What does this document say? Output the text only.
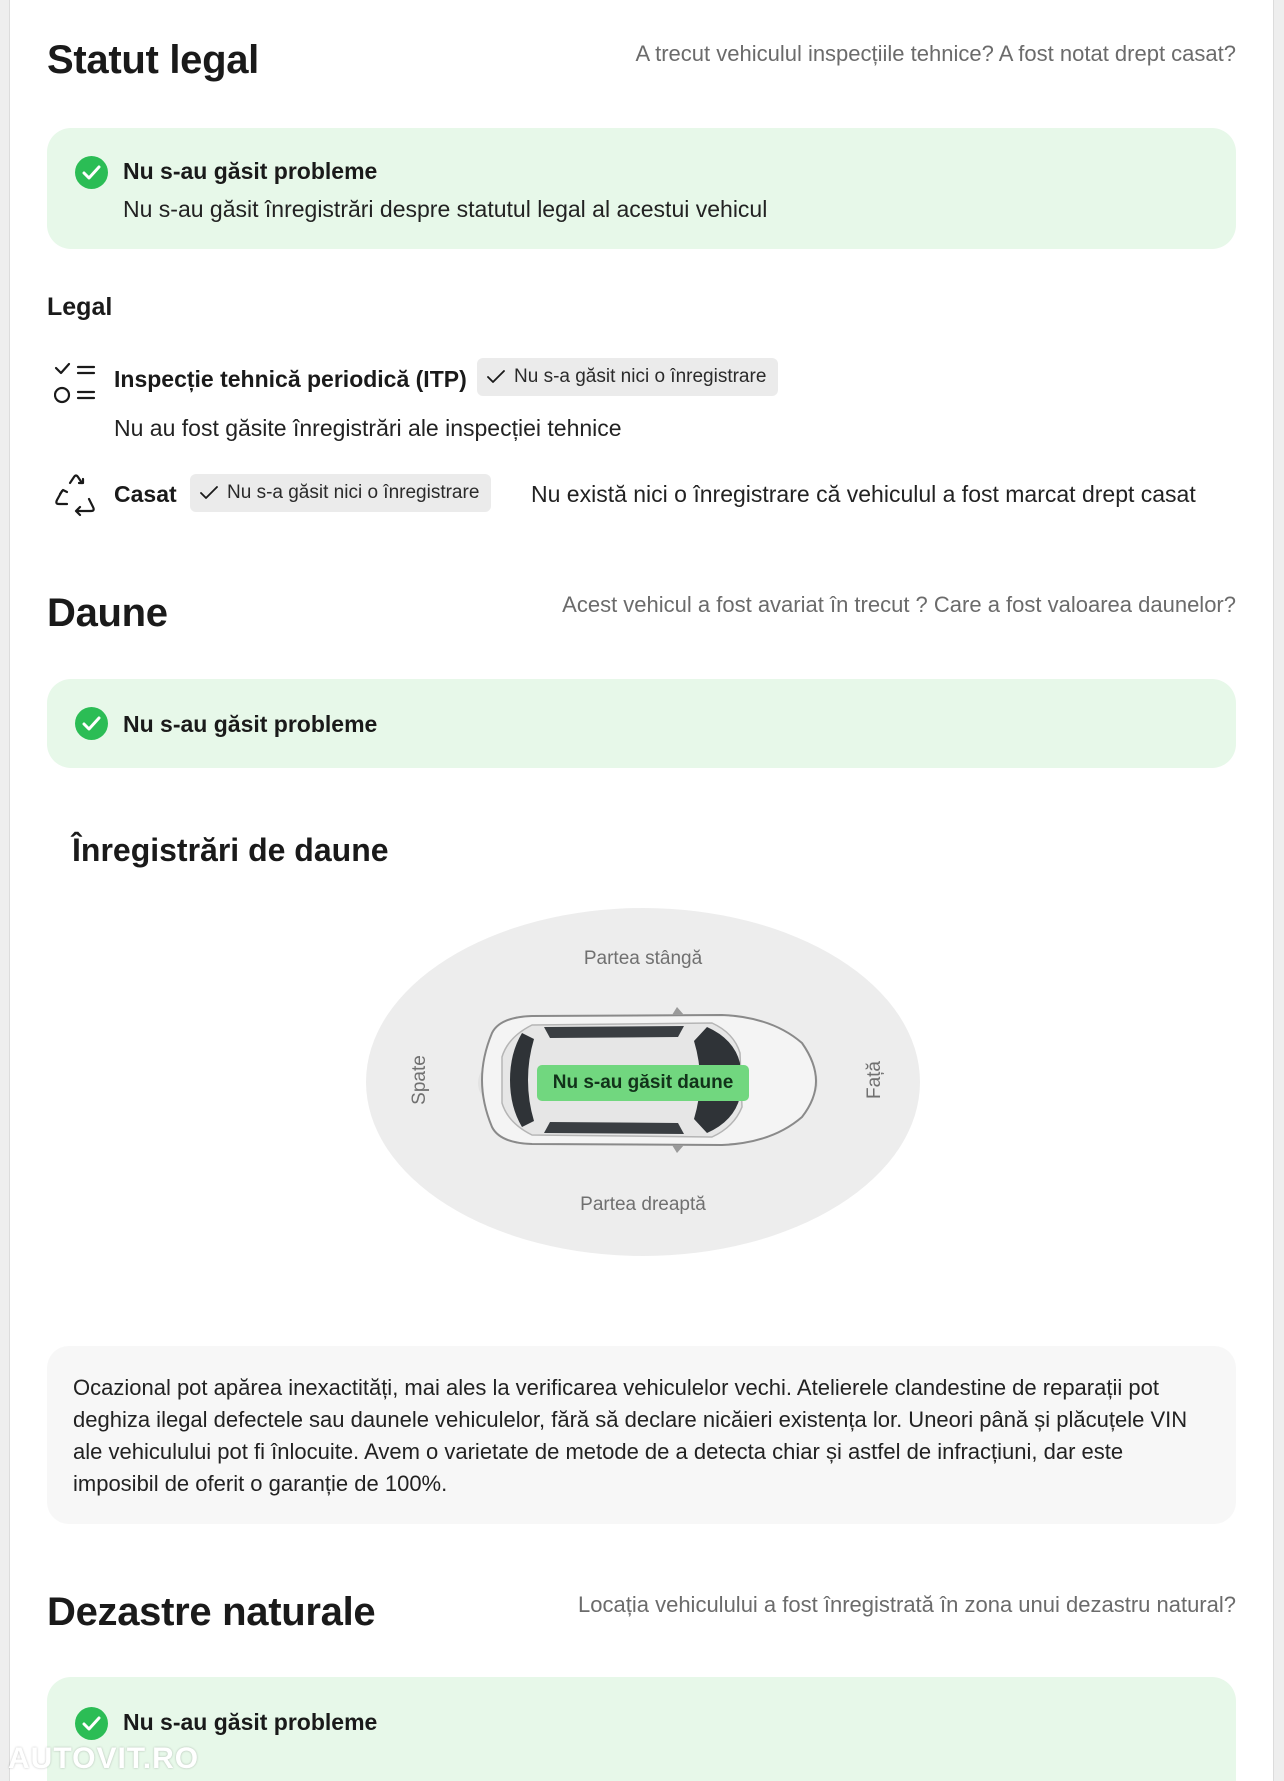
Statut legal	A trecut vehiculul inspecțiile tehnice? A fost notat drept casat?
Nu s-au găsit probleme
Nu s-au găsit înregistrări despre statutul legal al acestui vehicul
Legal
Inspecție tehnică periodică (ITP) Nu s-a găsit nici o înregistrare
Nu au fost găsite înregistrări ale inspecției tehnice
Casat	Nu s-a găsit nici o înregistrare Nu există nici o înregistrare că vehiculul a fost marcat drept casat
Daune	Acest vehicul a fost avariat în trecut ? Care a fost valoarea daunelor?
Nu s-au găsit probleme
Înregistrări de daune
Partea stângă
Partea dreaptă
Spate	Față
Nu s-au găsit daune
Ocazional pot apărea inexactități, mai ales la verificarea vehiculelor vechi. Atelierele clandestine de reparații pot deghiza ilegal defectele sau daunele vehiculelor, fără să declare nicăieri existența lor. Uneori până și plăcuțele VIN ale vehiculului pot fi înlocuite. Avem o varietate de metode de a detecta chiar și astfel de infracțiuni, dar este imposibil de oferit o garanție de 100%.
Dezastre naturale	Locația vehiculului a fost înregistrată în zona unui dezastru natural?
Nu s-au găsit probleme
AUTOVIT.RO
